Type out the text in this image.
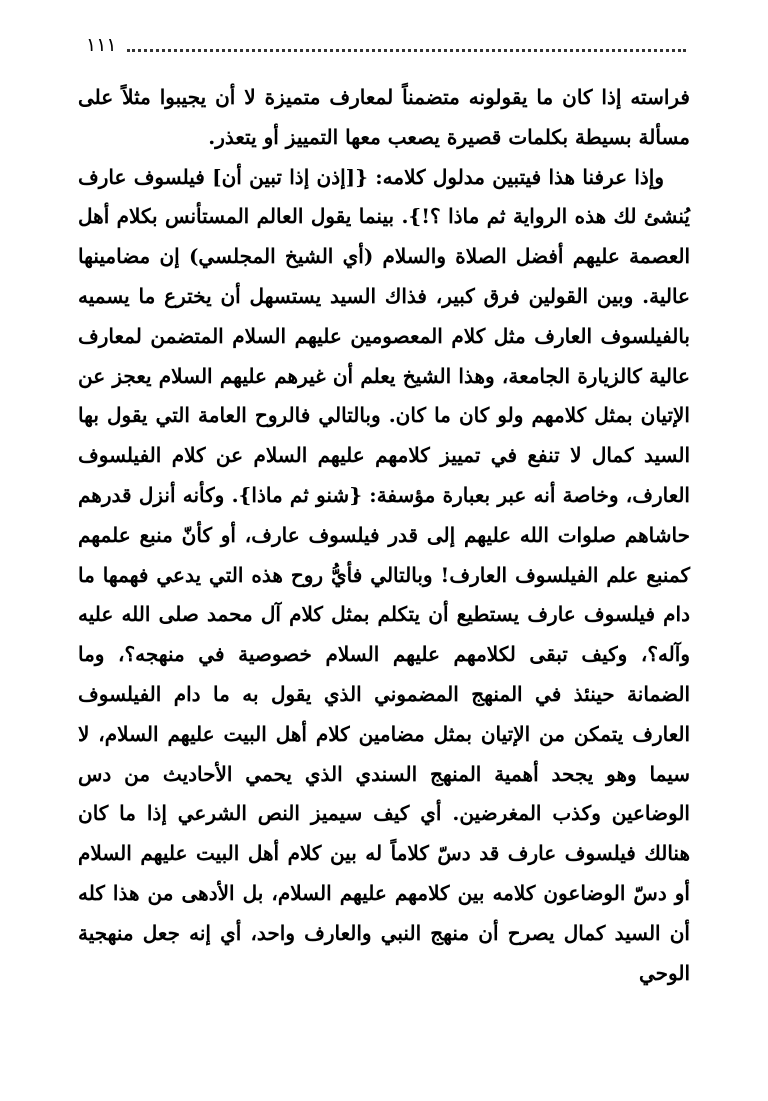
١١١

فراسته إذا كان ما يقولونه متضمناً لمعارف متميزة لا أن يجيبوا مثلاً على مسألة بسيطة بكلمات قصيرة يصعب معها التمييز أو يتعذر.

وإذا عرفنا هذا فيتبين مدلول كلامه: {[إذن إذا تبين أن] فيلسوف عارف يُنشئ لك هذه الرواية ثم ماذا ؟!}. بينما يقول العالم المستأنس بكلام أهل العصمة عليهم أفضل الصلاة والسلام (أي الشيخ المجلسي) إن مضامينها عالية. وبين القولين فرق كبير، فذاك السيد يستسهل أن يخترع ما يسميه بالفيلسوف العارف مثل كلام المعصومين عليهم السلام المتضمن لمعارف عالية كالزيارة الجامعة، وهذا الشيخ يعلم أن غيرهم عليهم السلام يعجز عن الإتيان بمثل كلامهم ولو كان ما كان. وبالتالي فالروح العامة التي يقول بها السيد كمال لا تنفع في تمييز كلامهم عليهم السلام عن كلام الفيلسوف العارف، وخاصة أنه عبر بعبارة مؤسفة: {شنو ثم ماذا}. وكأنه أنزل قدرهم حاشاهم صلوات الله عليهم إلى قدر فيلسوف عارف، أو كأنّ منبع علمهم كمنبع علم الفيلسوف العارف! وبالتالي فأيُّ روح هذه التي يدعي فهمها ما دام فيلسوف عارف يستطيع أن يتكلم بمثل كلام آل محمد صلى الله عليه وآله؟، وكيف تبقى لكلامهم عليهم السلام خصوصية في منهجه؟، وما الضمانة حينئذ في المنهج المضموني الذي يقول به ما دام الفيلسوف العارف يتمكن من الإتيان بمثل مضامين كلام أهل البيت عليهم السلام، لا سيما وهو يجحد أهمية المنهج السندي الذي يحمي الأحاديث من دس الوضاعين وكذب المغرضين. أي كيف سيميز النص الشرعي إذا ما كان هنالك فيلسوف عارف قد دسّ كلاماً له بين كلام أهل البيت عليهم السلام أو دسّ الوضاعون كلامه بين كلامهم عليهم السلام، بل الأدهى من هذا كله أن السيد كمال يصرح أن منهج النبي والعارف واحد، أي إنه جعل منهجية الوحي
